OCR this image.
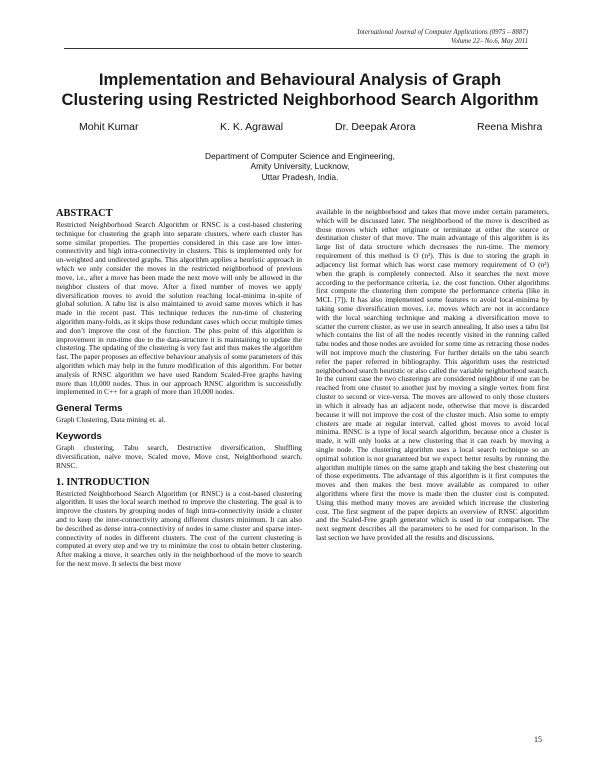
International Journal of Computer Applications (0975 – 8887)
Volume 22– No.6, May 2011
Implementation and Behavioural Analysis of Graph
Clustering using Restricted Neighborhood Search Algorithm
Mohit Kumar	K. K. Agrawal	Dr. Deepak Arora	Reena Mishra
Department of Computer Science and Engineering,
Amity University, Lucknow,
Uttar Pradesh, India.
ABSTRACT

Restricted Neighborhood Search Algorithm or RNSC is a cost-based clustering technique for clustering the graph into separate clusters, where each cluster has some similar properties. The properties considered in this case are low inter-connectivity and high intra-connectivity in clusters. This is implemented only for un-weighted and undirected graphs. This algorithm applies a heuristic approach in which we only consider the moves in the restricted neighborhood of previous move, i.e., after a move has been made the next move will only be allowed in the neighbor clusters of that move. After a fixed number of moves we apply diversification moves to avoid the solution reaching local-minima in-spite of global solution. A tabu list is also maintained to avoid same moves which it has made in the recent past. This technique reduces the run-time of clustering algorithm many-folds, as it skips those redundant cases which occur multiple times and don’t improve the cost of the function. The plus point of this algorithm is improvement in run-time due to the data-structure it is maintaining to update the clustering. The updating of the clustering is very fast and thus makes the algorithm fast. The paper proposes an effective behaviour analysis of some parameters of this algorithm which may help in the future modification of this algorithm. For better analysis of RNSC algorithm we have used Random Scaled-Free graphs having more than 10,000 nodes. Thus in our approach RNSC algorithm is successfully implemented in C++ for a graph of more than 10,000 nodes.

General Terms

Graph Clustering, Data mining et. al.

Keywords

Graph clustering, Tabu search, Destructive diversification, Shuffling diversification, naïve move, Scaled move, Move cost, Neighborhood search, RNSC.

1. INTRODUCTION

Restricted Neighborhood Search Algorithm (or RNSC) is a cost-based clustering algorithm. It uses the local search method to improve the clustering. The goal is to improve the clusters by grouping nodes of high intra-connectivity inside a cluster and to keep the inter-connectivity among different clusters minimum. It can also be described as dense intra-connectivity of nodes in same cluster and sparse inter-connectivity of nodes in different clusters. The cost of the current clustering is computed at every step and we try to minimize the cost to obtain better clustering. After making a move, it searches only in the neighborhood of the move to search for the next move. It selects the best move

available in the neighborhood and takes that move under certain parameters, which will be discussed later. The neighborhood of the move is described as those moves which either originate or terminate at either the source or destination cluster of that move. The main advantage of this algorithm is its large list of data structure which decreases the run-time. The memory requirement of this method is O (n²). This is due to storing the graph in adjacency list format which has worst case memory requirement of O (n²) when the graph is completely connected. Also it searches the next move according to the performance criteria, i.e. the cost function. Other algorithms first compute the clustering then compute the performance criteria (like in MCL [7]). It has also implemented some features to avoid local-minima by taking some diversification moves, i.e. moves which are not in accordance with the local searching technique and making a diversification move to scatter the current cluster, as we use in search annealing. It also uses a tabu list which contains the list of all the nodes recently visited in the running called tabu nodes and those nodes are avoided for some time as retracing those nodes will not improve much the clustering. For further details on the tabu search refer the paper referred in bibliography. This algorithm uses the restricted neighborhood search heuristic or also called the variable neighborhood search. In the current case the two clusterings are considered neighbour if one can be reached from one cluster to another just by moving a single vertex from first cluster to second or vice-versa. The moves are allowed to only those clusters in which it already has an adjacent node, otherwise that move is discarded because it will not improve the cost of the cluster much. Also some to empty clusters are made at regular interval, called ghost moves to avoid local minima. RNSC is a type of local search algorithm, because once a cluster is made, it will only looks at a new clustering that it can reach by moving a single node. The clustering algorithm uses a local search technique so an optimal solution is not guaranteed but we expect better results by running the algorithm multiple times on the same graph and taking the best clustering out of those experiments. The advantage of this algorithm is it first computes the moves and then makes the best move available as compared to other algorithms where first the move is made then the cluster cost is computed. Using this method many moves are avoided which increase the clustering cost. The first segment of the paper depicts an overview of RNSC algorithm and the Scaled-Free graph generator which is used in our comparison. The next segment describes all the parameters to be used for comparison. In the last section we have provided all the results and discussions.

15
